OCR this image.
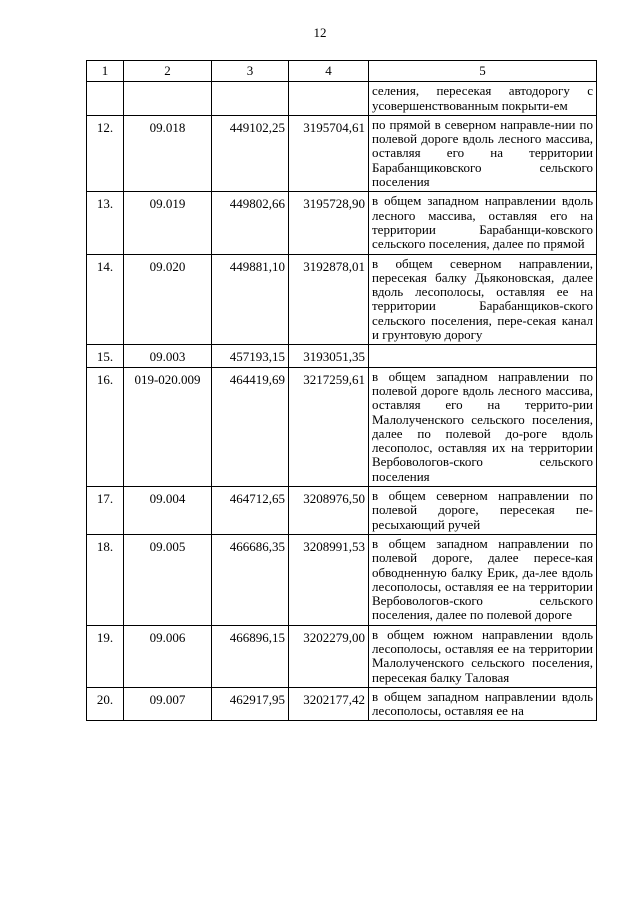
12
1	2	3	4	5
				селения, пересекая автодорогу с усовершенствованным покрыти-ем
12.	09.018	449102,25	3195704,61	по прямой в северном направле-нии по полевой дороге вдоль лесного массива, оставляя его на территории Барабанщиковского сельского поселения
13.	09.019	449802,66	3195728,90	в общем западном направлении вдоль лесного массива, оставляя его на территории Барабанщи-ковского сельского поселения, далее по прямой
14.	09.020	449881,10	3192878,01	в общем северном направлении, пересекая балку Дьяконовская, далее вдоль лесополосы, оставляя ее на территории Барабанщиков-ского сельского поселения, пере-секая канал и грунтовую дорогу
15.	09.003	457193,15	3193051,35	
16.	019-020.009	464419,69	3217259,61	в общем западном направлении по полевой дороге вдоль лесного массива, оставляя его на террито-рии Малолученского сельского поселения, далее по полевой до-роге вдоль лесополос, оставляя их на территории Вербовологов-ского сельского поселения
17.	09.004	464712,65	3208976,50	в общем северном направлении по полевой дороге, пересекая пе-ресыхающий ручей
18.	09.005	466686,35	3208991,53	в общем западном направлении по полевой дороге, далее пересе-кая обводненную балку Ерик, да-лее вдоль лесополосы, оставляя ее на территории Вербовологов-ского сельского поселения, далее по полевой дороге
19.	09.006	466896,15	3202279,00	в общем южном направлении вдоль лесополосы, оставляя ее на территории Малолученского сельского поселения, пересекая балку Таловая
20.	09.007	462917,95	3202177,42	в общем западном направлении вдоль лесополосы, оставляя ее на
